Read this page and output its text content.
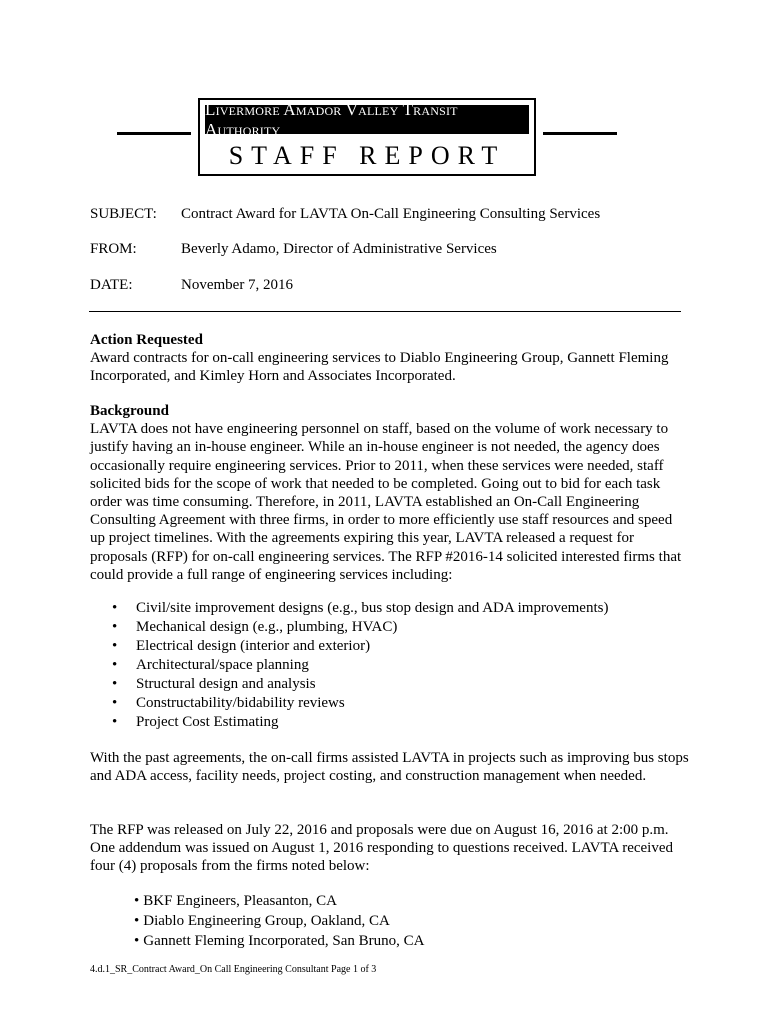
Livermore Amador Valley Transit Authority
STAFF REPORT
SUBJECT: Contract Award for LAVTA On-Call Engineering Consulting Services
FROM:	Beverly Adamo, Director of Administrative Services
DATE:	November 7, 2016

Action Requested

Award contracts for on-call engineering services to Diablo Engineering Group, Gannett Fleming Incorporated, and Kimley Horn and Associates Incorporated.

Background

LAVTA does not have engineering personnel on staff, based on the volume of work necessary to justify having an in-house engineer. While an in-house engineer is not needed, the agency does occasionally require engineering services. Prior to 2011, when these services were needed, staff solicited bids for the scope of work that needed to be completed. Going out to bid for each task order was time consuming. Therefore, in 2011, LAVTA established an On-Call Engineering Consulting Agreement with three firms, in order to more efficiently use staff resources and speed up project timelines. With the agreements expiring this year, LAVTA released a request for proposals (RFP) for on-call engineering services. The RFP #2016-14 solicited interested firms that could provide a full range of engineering services including:

• Civil/site improvement designs (e.g., bus stop design and ADA improvements)
• Mechanical design (e.g., plumbing, HVAC)
• Electrical design (interior and exterior)
• Architectural/space planning
• Structural design and analysis
• Constructability/bidability reviews
• Project Cost Estimating

With the past agreements, the on-call firms assisted LAVTA in projects such as improving bus stops and ADA access, facility needs, project costing, and construction management when needed.

The RFP was released on July 22, 2016 and proposals were due on August 16, 2016 at 2:00 p.m. One addendum was issued on August 1, 2016 responding to questions received. LAVTA received four (4) proposals from the firms noted below:

• BKF Engineers, Pleasanton, CA
• Diablo Engineering Group, Oakland, CA
• Gannett Fleming Incorporated, San Bruno, CA
4.d.1_SR_Contract Award_On Call Engineering Consultant Page 1 of 3
